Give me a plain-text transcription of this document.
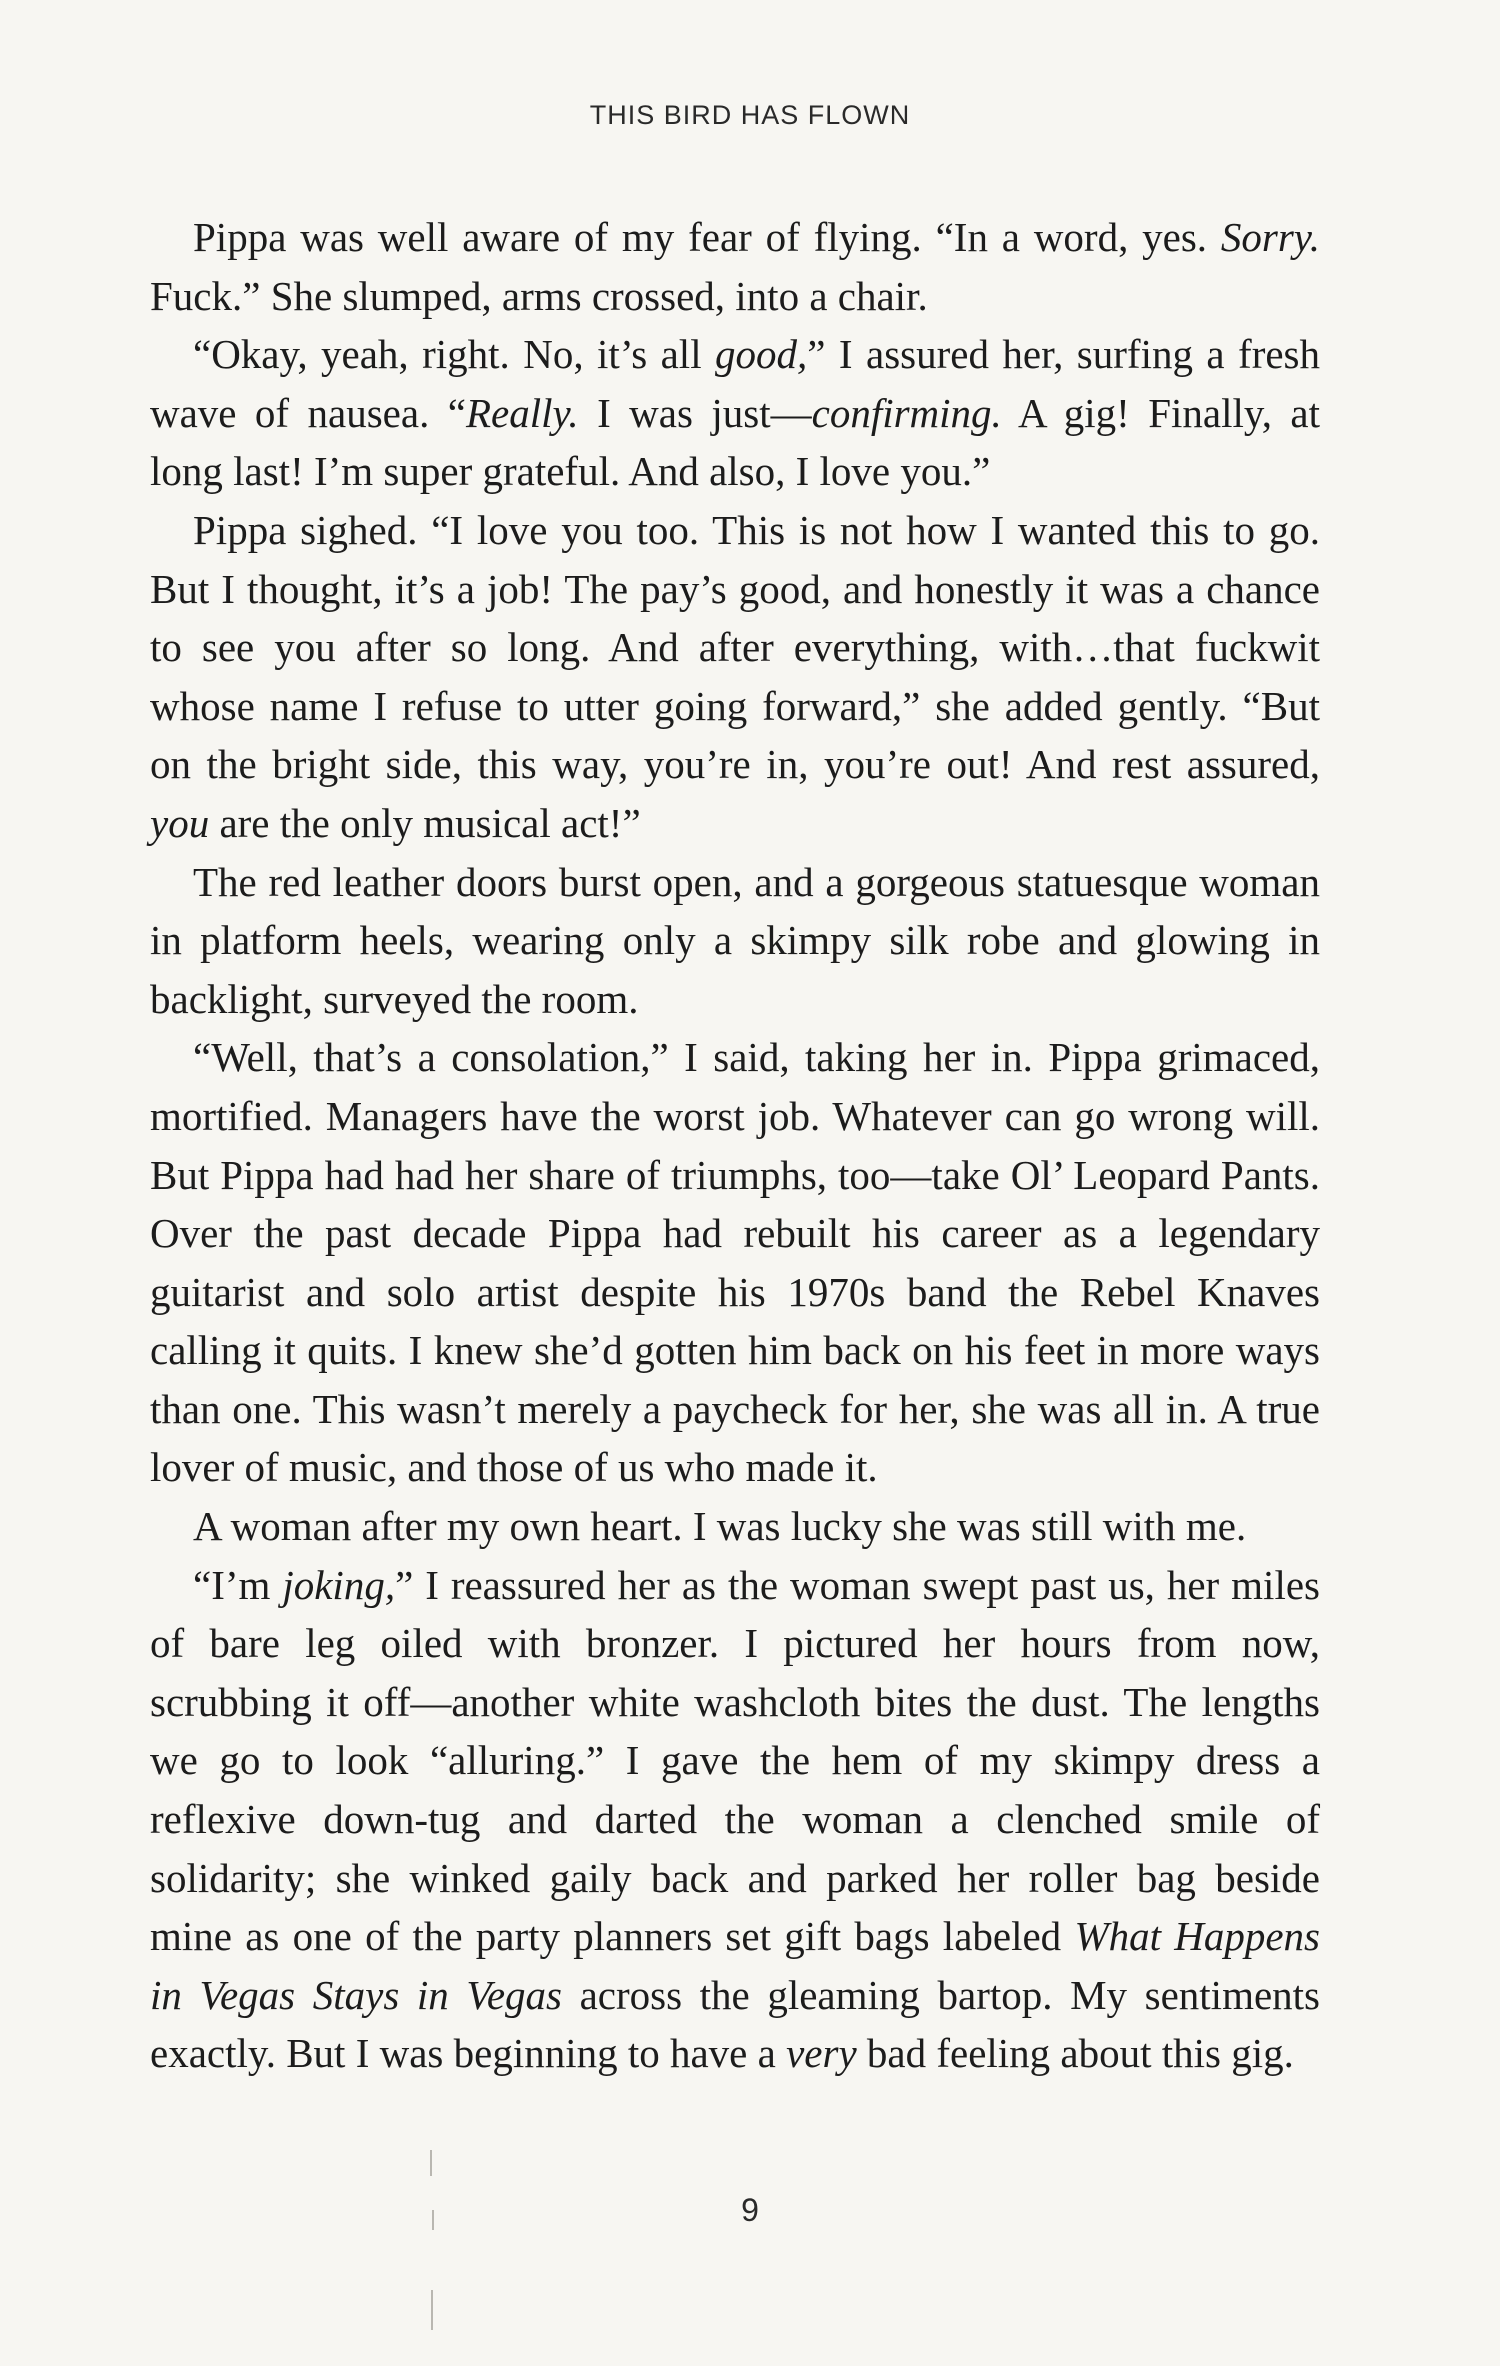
THIS BIRD HAS FLOWN

Pippa was well aware of my fear of flying. “In a word, yes. Sorry. Fuck.” She slumped, arms crossed, into a chair.

“Okay, yeah, right. No, it’s all good,” I assured her, surfing a fresh wave of nausea. “Really. I was just—confirming. A gig! Finally, at long last! I’m super grateful. And also, I love you.”

Pippa sighed. “I love you too. This is not how I wanted this to go. But I thought, it’s a job! The pay’s good, and honestly it was a chance to see you after so long. And after everything, with…that fuckwit whose name I refuse to utter going forward,” she added gently. “But on the bright side, this way, you’re in, you’re out! And rest assured, you are the only musical act!”

The red leather doors burst open, and a gorgeous statuesque woman in platform heels, wearing only a skimpy silk robe and glowing in backlight, surveyed the room.

“Well, that’s a consolation,” I said, taking her in. Pippa grimaced, mortified. Managers have the worst job. Whatever can go wrong will. But Pippa had had her share of triumphs, too—take Ol’ Leopard Pants. Over the past decade Pippa had rebuilt his career as a legendary guitarist and solo artist despite his 1970s band the Rebel Knaves calling it quits. I knew she’d gotten him back on his feet in more ways than one. This wasn’t merely a paycheck for her, she was all in. A true lover of music, and those of us who made it.

A woman after my own heart. I was lucky she was still with me.

“I’m joking,” I reassured her as the woman swept past us, her miles of bare leg oiled with bronzer. I pictured her hours from now, scrubbing it off—another white washcloth bites the dust. The lengths we go to look “alluring.” I gave the hem of my skimpy dress a reflexive down-tug and darted the woman a clenched smile of solidarity; she winked gaily back and parked her roller bag beside mine as one of the party planners set gift bags labeled What Happens in Vegas Stays in Vegas across the gleaming bartop. My sentiments exactly. But I was beginning to have a very bad feeling about this gig.

9
